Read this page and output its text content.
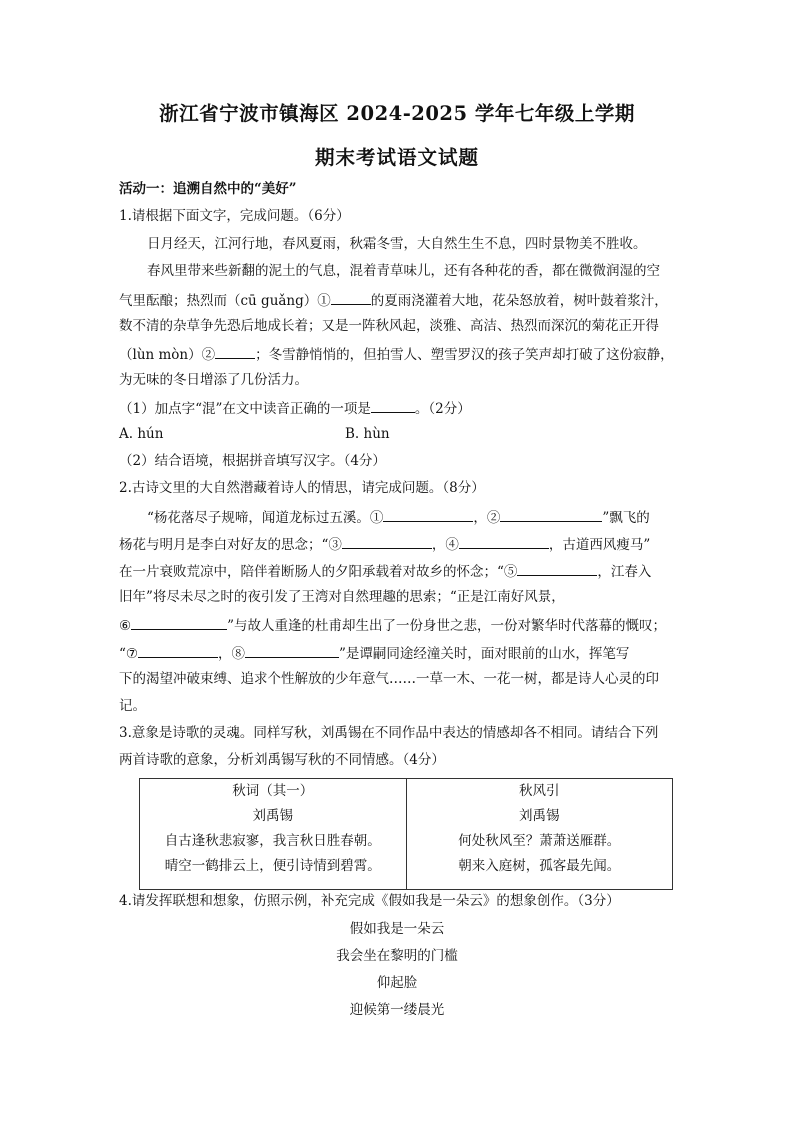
浙江省宁波市镇海区 2024-2025 学年七年级上学期
期末考试语文试题
活动一：追溯自然中的“美好”
1.请根据下面文字，完成问题。（6分）
日月经天，江河行地，春风夏雨，秋霜冬雪，大自然生生不息，四时景物美不胜收。
春风里带来些新翻的泥土的气息，混着青草味儿，还有各种花的香，都在微微润湿的空
气里酝酿；热烈而（cū guǎng）①	的夏雨浇灌着大地，花朵怒放着，树叶鼓着浆汁，
数不清的杂草争先恐后地成长着；又是一阵秋风起，淡雅、高洁、热烈而深沉的菊花正开得
（lùn mòn）②	；冬雪静悄悄的，但拍雪人、塑雪罗汉的孩子笑声却打破了这份寂静，
为无味的冬日增添了几份活力。
（1）加点字“混”在文中读音正确的一项是	。（2分）
A. hún	B. hùn
（2）结合语境，根据拼音填写汉字。（4分）
2.古诗文里的大自然潜藏着诗人的情思，请完成问题。（8分）
“杨花落尽子规啼，闻道龙标过五溪。①	，②	”飘飞的
杨花与明月是李白对好友的思念；“③	，④	，古道西风瘦马”
在一片衰败荒凉中，陪伴着断肠人的夕阳承载着对故乡的怀念；“⑤	，江春入
旧年”将尽未尽之时的夜引发了王湾对自然理趣的思索；“正是江南好风景，
⑥	”与故人重逢的杜甫却生出了一份身世之悲，一份对繁华时代落幕的慨叹；
“⑦	，⑧	”是谭嗣同途经潼关时，面对眼前的山水，挥笔写
下的渴望冲破束缚、追求个性解放的少年意气……一草一木、一花一树，都是诗人心灵的印
记。
3.意象是诗歌的灵魂。同样写秋，刘禹锡在不同作品中表达的情感却各不相同。请结合下列
两首诗歌的意象，分析刘禹锡写秋的不同情感。（4分）
秋词（其一）
刘禹锡
自古逢秋悲寂寥，我言秋日胜春朝。
晴空一鹤排云上，便引诗情到碧霄。
秋风引
刘禹锡
何处秋风至？萧萧送雁群。
朝来入庭树，孤客最先闻。
4.请发挥联想和想象，仿照示例，补充完成《假如我是一朵云》的想象创作。（3分）
假如我是一朵云
我会坐在黎明的门槛
仰起脸
迎候第一缕晨光
